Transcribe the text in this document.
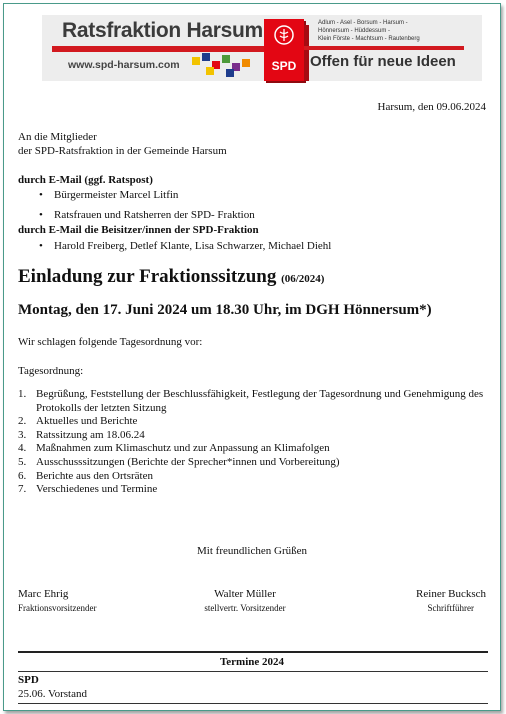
Ratsfraktion Harsum
www.spd-harsum.com	SPD
Adlum - Asel - Borsum - Harsum -
Hönnersum - Hüddessum -
Klein Förste - Machtsum - Rautenberg
Offen für neue Ideen
Harsum, den 09.06.2024
An die Mitglieder
der SPD-Ratsfraktion in der Gemeinde Harsum
durch E-Mail (ggf. Ratspost)
• Bürgermeister Marcel Litfin
• Ratsfrauen und Ratsherren der SPD- Fraktion
durch E-Mail die Beisitzer/innen der SPD-Fraktion
• Harold Freiberg, Detlef Klante, Lisa Schwarzer, Michael Diehl
Einladung zur Fraktionssitzung (06/2024)
Montag, den 17. Juni 2024 um 18.30 Uhr, im DGH Hönnersum*)
Wir schlagen folgende Tagesordnung vor:
Tagesordnung:
1. Begrüßung, Feststellung der Beschlussfähigkeit, Festlegung der Tagesordnung und Genehmigung des Protokolls der letzten Sitzung
2. Aktuelles und Berichte
3. Ratssitzung am 18.06.24
4. Maßnahmen zum Klimaschutz und zur Anpassung an Klimafolgen
5. Ausschusssitzungen (Berichte der Sprecher*innen und Vorbereitung)
6. Berichte aus den Ortsräten
7. Verschiedenes und Termine
Mit freundlichen Grüßen
Marc Ehrig
Fraktionsvorsitzender
Walter Müller
stellvertr. Vorsitzender
Reiner Bucksch
Schriftführer
Termine 2024
SPD
25.06. Vorstand
